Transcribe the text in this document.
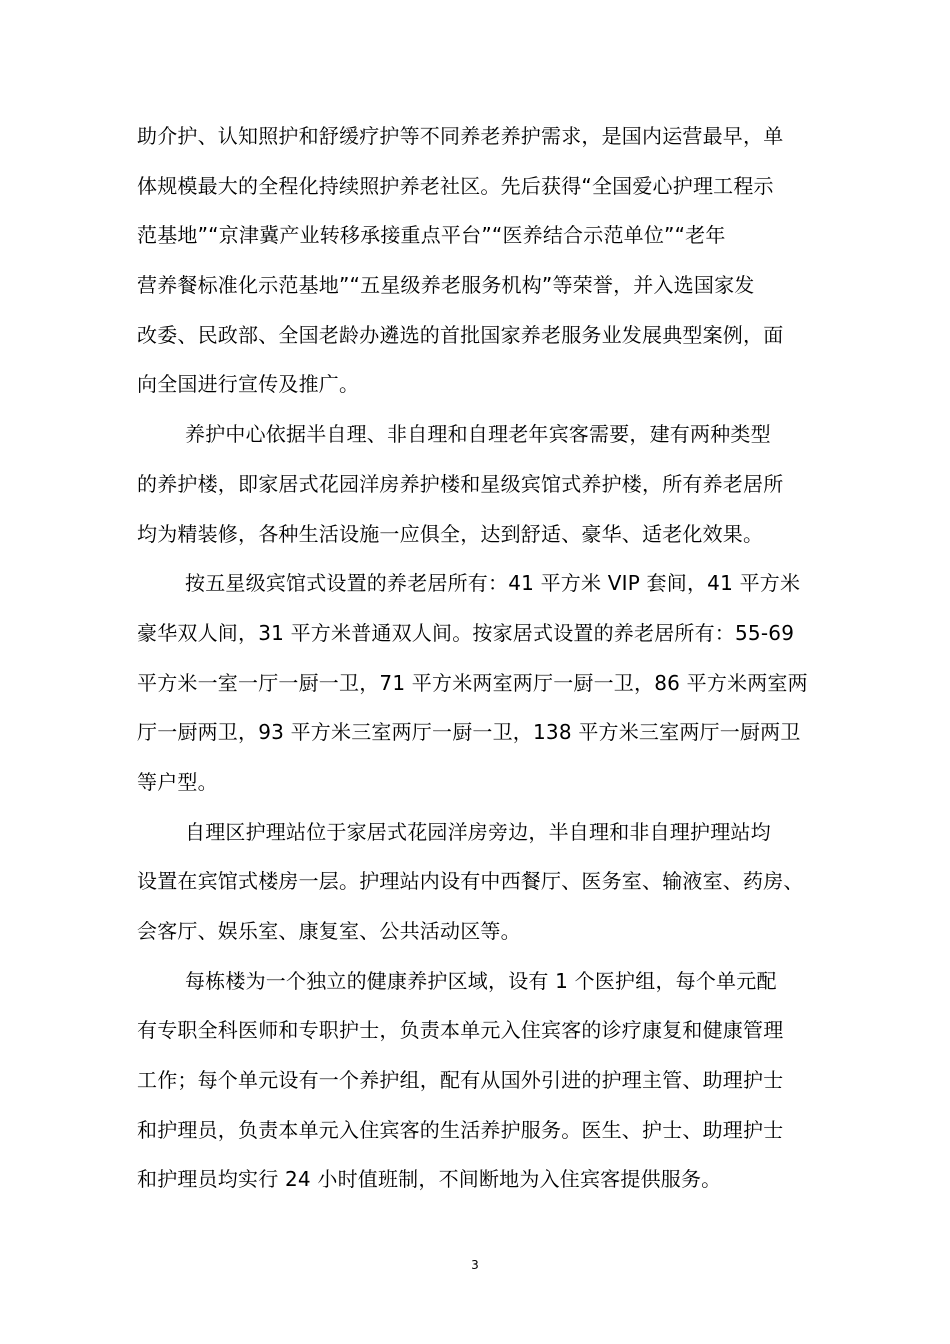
助介护、认知照护和舒缓疗护等不同养老养护需求，是国内运营最早，单
体规模最大的全程化持续照护养老社区。先后获得“全国爱心护理工程示
范基地”“京津冀产业转移承接重点平台”“医养结合示范单位”“老年
营养餐标准化示范基地”“五星级养老服务机构”等荣誉，并入选国家发
改委、民政部、全国老龄办遴选的首批国家养老服务业发展典型案例，面
向全国进行宣传及推广。
养护中心依据半自理、非自理和自理老年宾客需要，建有两种类型
的养护楼，即家居式花园洋房养护楼和星级宾馆式养护楼，所有养老居所
均为精装修，各种生活设施一应俱全，达到舒适、豪华、适老化效果。
按五星级宾馆式设置的养老居所有：41 平方米 VIP 套间，41 平方米
豪华双人间，31 平方米普通双人间。按家居式设置的养老居所有：55-69
平方米一室一厅一厨一卫，71 平方米两室两厅一厨一卫，86 平方米两室两
厅一厨两卫，93 平方米三室两厅一厨一卫，138 平方米三室两厅一厨两卫
等户型。
自理区护理站位于家居式花园洋房旁边，半自理和非自理护理站均
设置在宾馆式楼房一层。护理站内设有中西餐厅、医务室、输液室、药房、
会客厅、娱乐室、康复室、公共活动区等。
每栋楼为一个独立的健康养护区域，设有 1 个医护组，每个单元配
有专职全科医师和专职护士，负责本单元入住宾客的诊疗康复和健康管理
工作；每个单元设有一个养护组，配有从国外引进的护理主管、助理护士
和护理员，负责本单元入住宾客的生活养护服务。医生、护士、助理护士
和护理员均实行 24 小时值班制，不间断地为入住宾客提供服务。
3
